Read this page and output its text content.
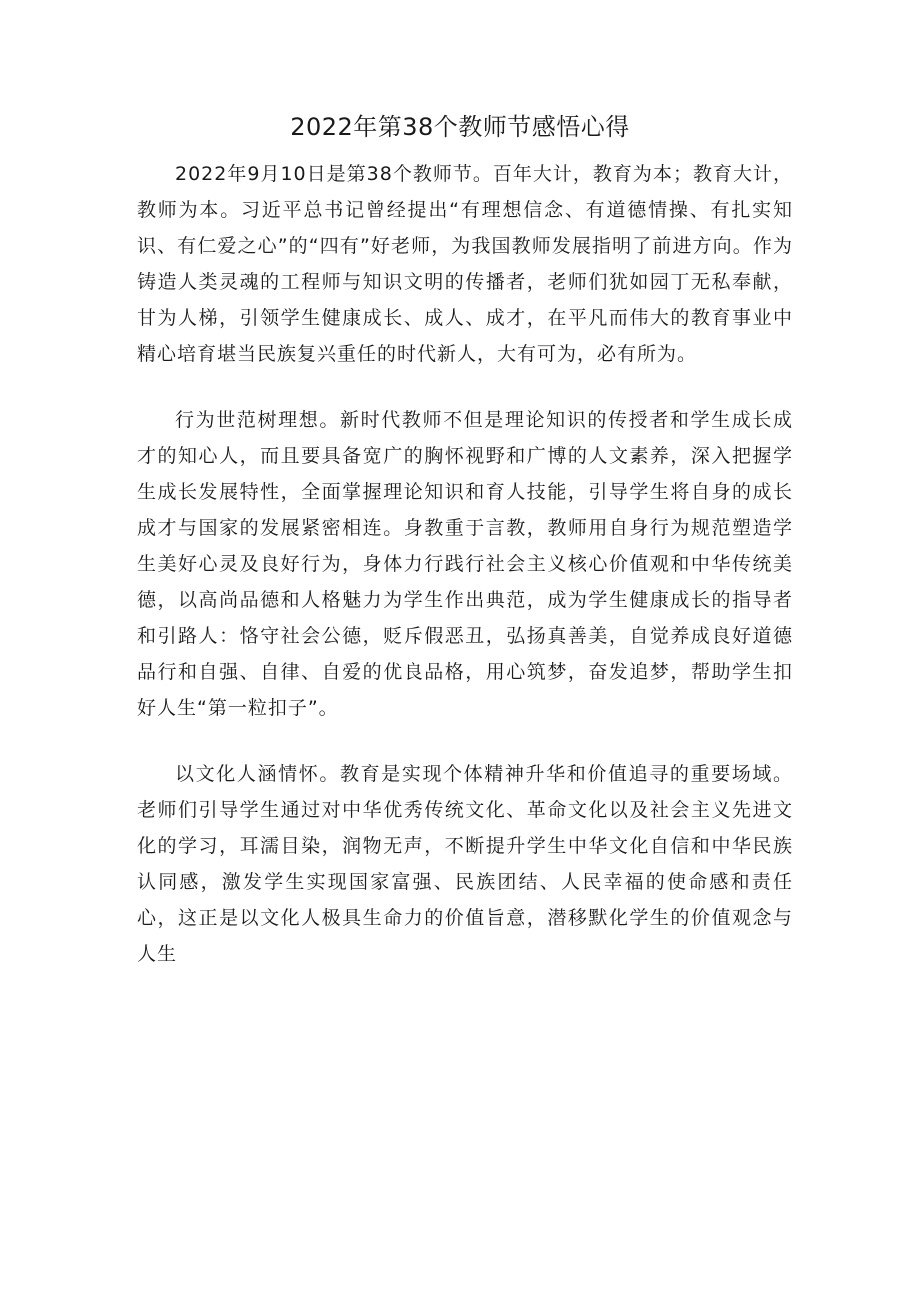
2022年第38个教师节感悟心得

2022年9月10日是第38个教师节。百年大计，教育为本；教育大计，教师为本。习近平总书记曾经提出“有理想信念、有道德情操、有扎实知识、有仁爱之心”的“四有”好老师，为我国教师发展指明了前进方向。作为铸造人类灵魂的工程师与知识文明的传播者，老师们犹如园丁无私奉献，甘为人梯，引领学生健康成长、成人、成才，在平凡而伟大的教育事业中精心培育堪当民族复兴重任的时代新人，大有可为，必有所为。

行为世范树理想。新时代教师不但是理论知识的传授者和学生成长成才的知心人，而且要具备宽广的胸怀视野和广博的人文素养，深入把握学生成长发展特性，全面掌握理论知识和育人技能，引导学生将自身的成长成才与国家的发展紧密相连。身教重于言教，教师用自身行为规范塑造学生美好心灵及良好行为，身体力行践行社会主义核心价值观和中华传统美德，以高尚品德和人格魅力为学生作出典范，成为学生健康成长的指导者和引路人：恪守社会公德，贬斥假恶丑，弘扬真善美，自觉养成良好道德品行和自强、自律、自爱的优良品格，用心筑梦，奋发追梦，帮助学生扣好人生“第一粒扣子”。

以文化人涵情怀。教育是实现个体精神升华和价值追寻的重要场域。老师们引导学生通过对中华优秀传统文化、革命文化以及社会主义先进文化的学习，耳濡目染，润物无声，不断提升学生中华文化自信和中华民族认同感，激发学生实现国家富强、民族团结、人民幸福的使命感和责任心，这正是以文化人极具生命力的价值旨意，潜移默化学生的价值观念与人生
